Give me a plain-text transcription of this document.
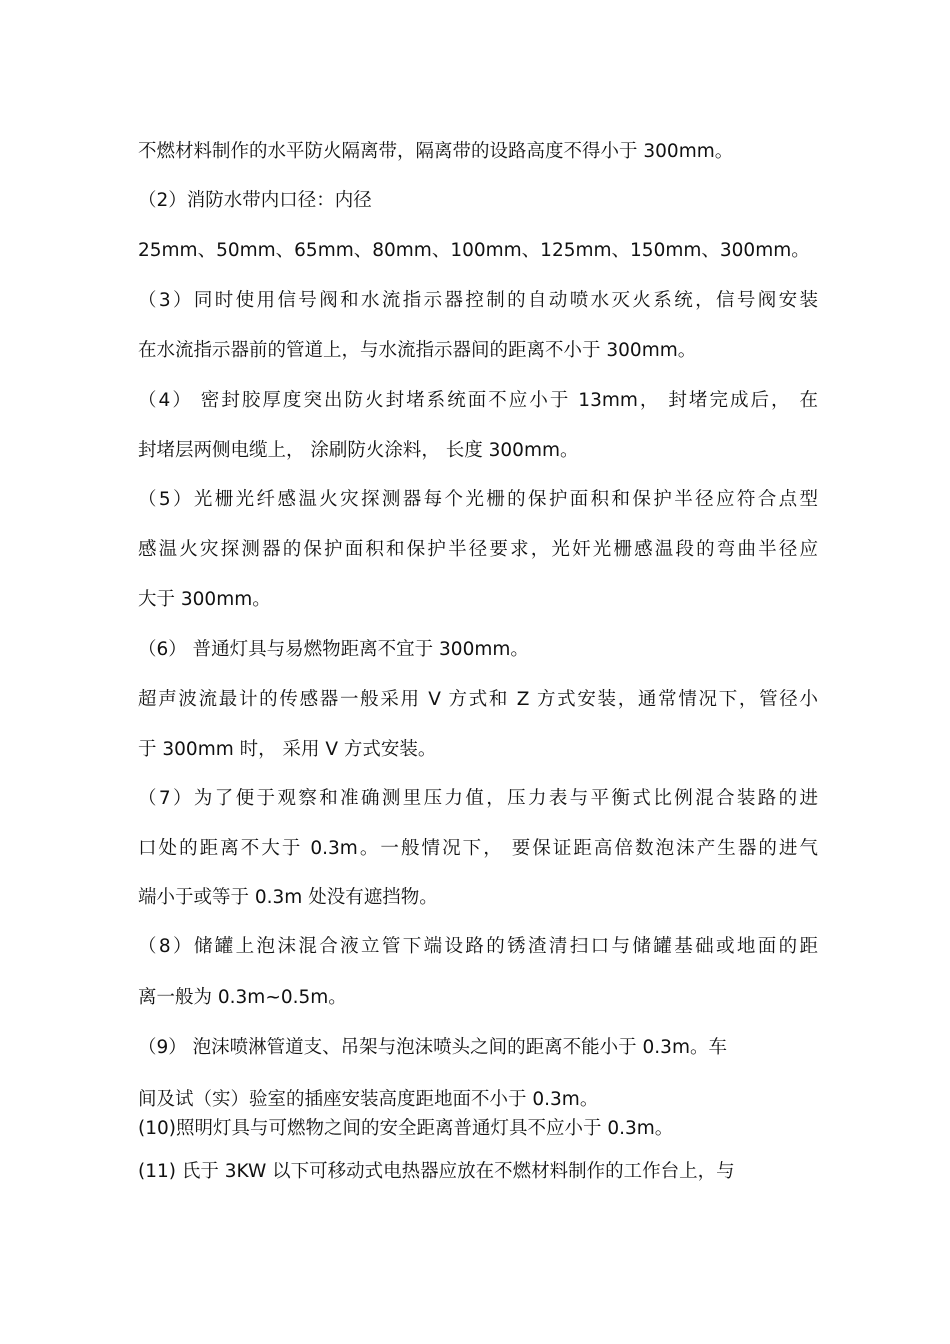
不燃材料制作的水平防火隔离带，隔离带的设路高度不得小于 300mm。
（2）消防水带内口径：内径
25mm、50mm、65mm、80mm、100mm、125mm、150mm、300mm。
（3）同时使用信号阀和水流指示器控制的自动喷水灭火系统，信号阀安装
在水流指示器前的管道上，与水流指示器间的距离不小于 300mm。
（4） 密封胶厚度突出防火封堵系统面不应小于 13mm， 封堵完成后， 在
封堵层两侧电缆上， 涂刷防火涂料， 长度 300mm。
（5）光栅光纤感温火灾探测器每个光栅的保护面积和保护半径应符合点型
感温火灾探测器的保护面积和保护半径要求，光奸光栅感温段的弯曲半径应
大于 300mm。
（6） 普通灯具与易燃物距离不宜于 300mm。
超声波流最计的传感器一般采用 V 方式和 Z 方式安装，通常情况下，管径小
于 300mm 时， 采用 V 方式安装。
（7）为了便于观察和准确测里压力值，压力表与平衡式比例混合装路的进
口处的距离不大于 0.3m。一般情况下， 要保证距高倍数泡沫产生器的进气
端小于或等于 0.3m 处没有遮挡物。
（8）储罐上泡沫混合液立管下端设路的锈渣清扫口与储罐基础或地面的距
离一般为 0.3m~0.5m。
（9） 泡沫喷淋管道支、吊架与泡沫喷头之间的距离不能小于 0.3m。车
间及试（实）验室的插座安装高度距地面不小于 0.3m。
(10)照明灯具与可燃物之间的安全距离普通灯具不应小于 0.3m。
(11) 氏于 3KW 以下可移动式电热器应放在不燃材料制作的工作台上，与
